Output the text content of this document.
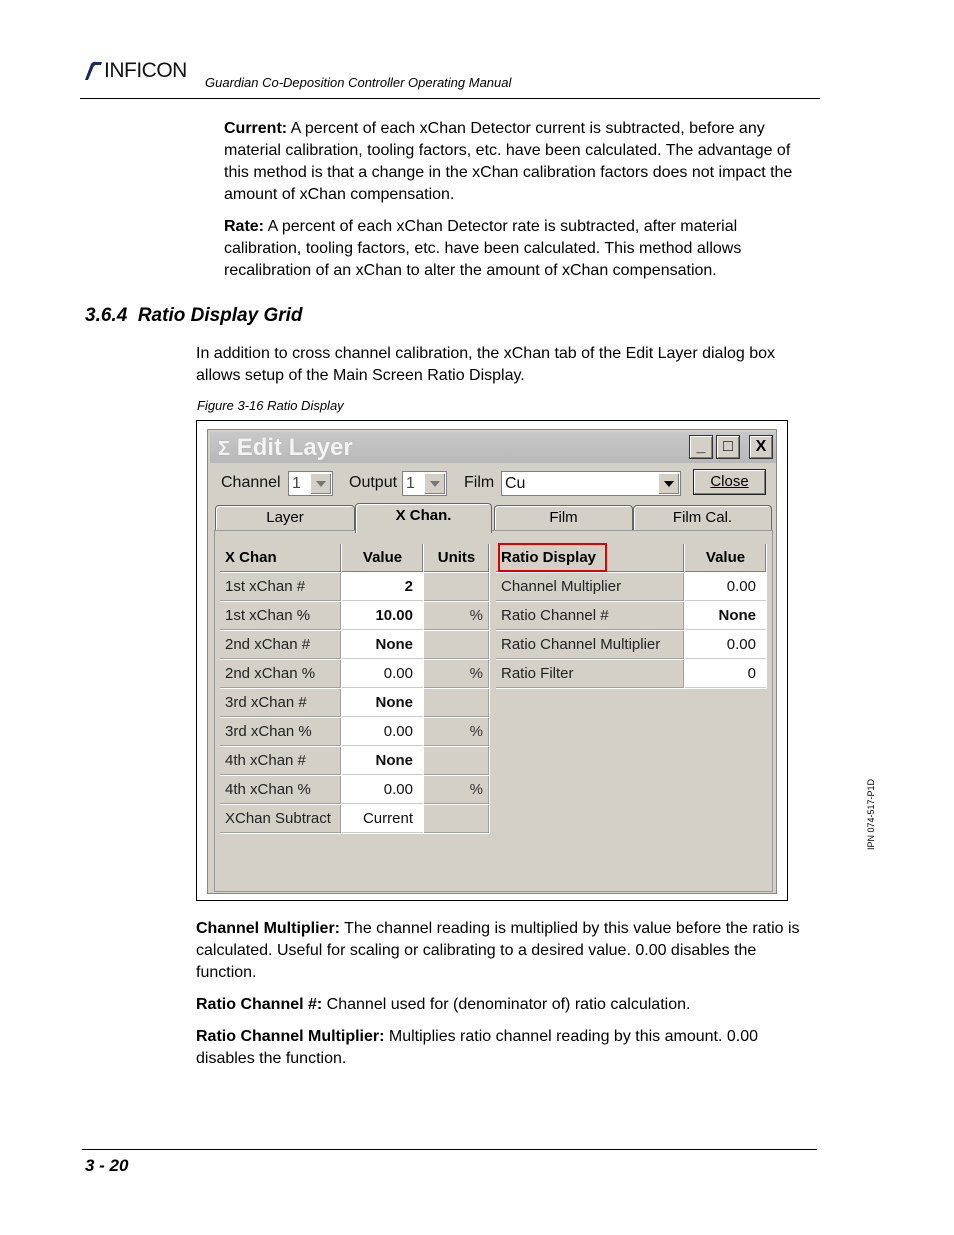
INFICON
Guardian Co-Deposition Controller Operating Manual
Current: A percent of each xChan Detector current is subtracted, before any material calibration, tooling factors, etc. have been calculated. The advantage of this method is that a change in the xChan calibration factors does not impact the amount of xChan compensation.
Rate: A percent of each xChan Detector rate is subtracted, after material calibration, tooling factors, etc. have been calculated. This method allows recalibration of an xChan to alter the amount of xChan compensation.
3.6.4 Ratio Display Grid
In addition to cross channel calibration, the xChan tab of the Edit Layer dialog box allows setup of the Main Screen Ratio Display.
Figure 3-16 Ratio Display
Σ Edit Layer	_	□	X
Channel 1	Output 1	Film Cu	Close
Layer	X Chan.	Film	Film Cal.
X Chan	Value	Units
1st xChan #	2
1st xChan %	10.00	%
2nd xChan #	None
2nd xChan %	0.00	%
3rd xChan #	None
3rd xChan %	0.00	%
4th xChan #	None
4th xChan %	0.00	%
XChan Subtract	Current
Ratio Display	Value
Channel Multiplier	0.00
Ratio Channel #	None
Ratio Channel Multiplier	0.00
Ratio Filter	0
Channel Multiplier: The channel reading is multiplied by this value before the ratio is calculated. Useful for scaling or calibrating to a desired value. 0.00 disables the function.
Ratio Channel #: Channel used for (denominator of) ratio calculation.
Ratio Channel Multiplier: Multiplies ratio channel reading by this amount. 0.00 disables the function.
IPN 074-517-P1D
3 - 20
